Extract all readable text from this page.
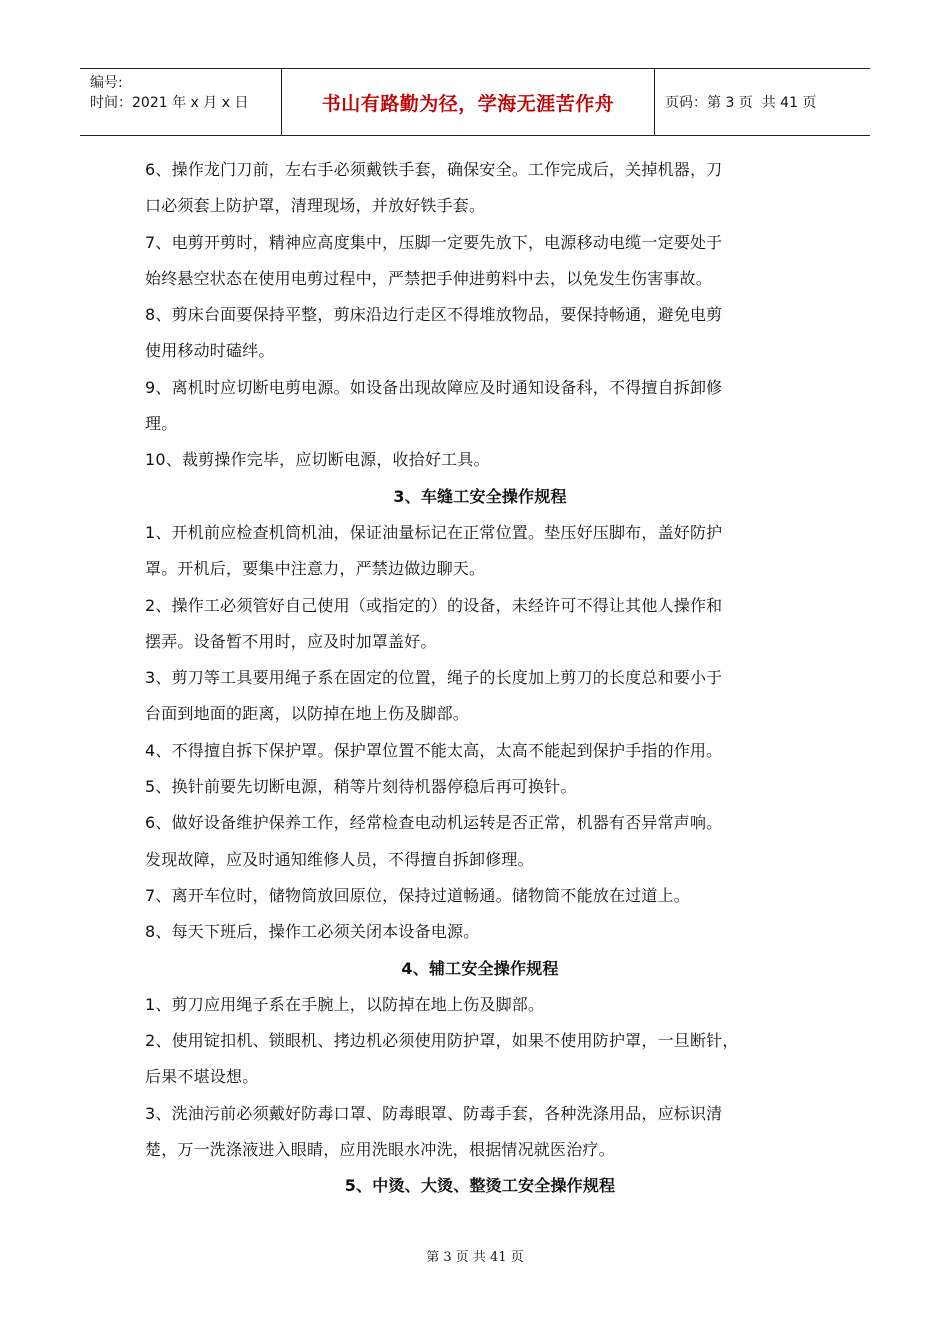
编号:
时间：2021 年 x 月 x 日	书山有路勤为径，学海无涯苦作舟	页码：第 3 页  共 41 页
6、操作龙门刀前，左右手必须戴铁手套，确保安全。工作完成后，关掉机器，刀
口必须套上防护罩，清理现场，并放好铁手套。
7、电剪开剪时，精神应高度集中，压脚一定要先放下，电源移动电缆一定要处于
始终悬空状态在使用电剪过程中，严禁把手伸进剪料中去，以免发生伤害事故。
8、剪床台面要保持平整，剪床沿边行走区不得堆放物品，要保持畅通，避免电剪
使用移动时磕绊。
9、离机时应切断电剪电源。如设备出现故障应及时通知设备科，不得擅自拆卸修
理。
10、裁剪操作完毕，应切断电源，收拾好工具。
3、车缝工安全操作规程
1、开机前应检查机筒机油，保证油量标记在正常位置。垫压好压脚布，盖好防护
罩。开机后，要集中注意力，严禁边做边聊天。
2、操作工必须管好自己使用（或指定的）的设备，未经许可不得让其他人操作和
摆弄。设备暂不用时，应及时加罩盖好。
3、剪刀等工具要用绳子系在固定的位置，绳子的长度加上剪刀的长度总和要小于
台面到地面的距离，以防掉在地上伤及脚部。
4、不得擅自拆下保护罩。保护罩位置不能太高，太高不能起到保护手指的作用。
5、换针前要先切断电源，稍等片刻待机器停稳后再可换针。
6、做好设备维护保养工作，经常检查电动机运转是否正常，机器有否异常声响。
发现故障，应及时通知维修人员，不得擅自拆卸修理。
7、离开车位时，储物筒放回原位，保持过道畅通。储物筒不能放在过道上。
8、每天下班后，操作工必须关闭本设备电源。
4、辅工安全操作规程
1、剪刀应用绳子系在手腕上，以防掉在地上伤及脚部。
2、使用锭扣机、锁眼机、拷边机必须使用防护罩，如果不使用防护罩，一旦断针，
后果不堪设想。
3、洗油污前必须戴好防毒口罩、防毒眼罩、防毒手套，各种洗涤用品，应标识清
楚，万一洗涤液进入眼睛，应用洗眼水冲洗，根据情况就医治疗。
5、中烫、大烫、整烫工安全操作规程
第 3 页 共 41 页
